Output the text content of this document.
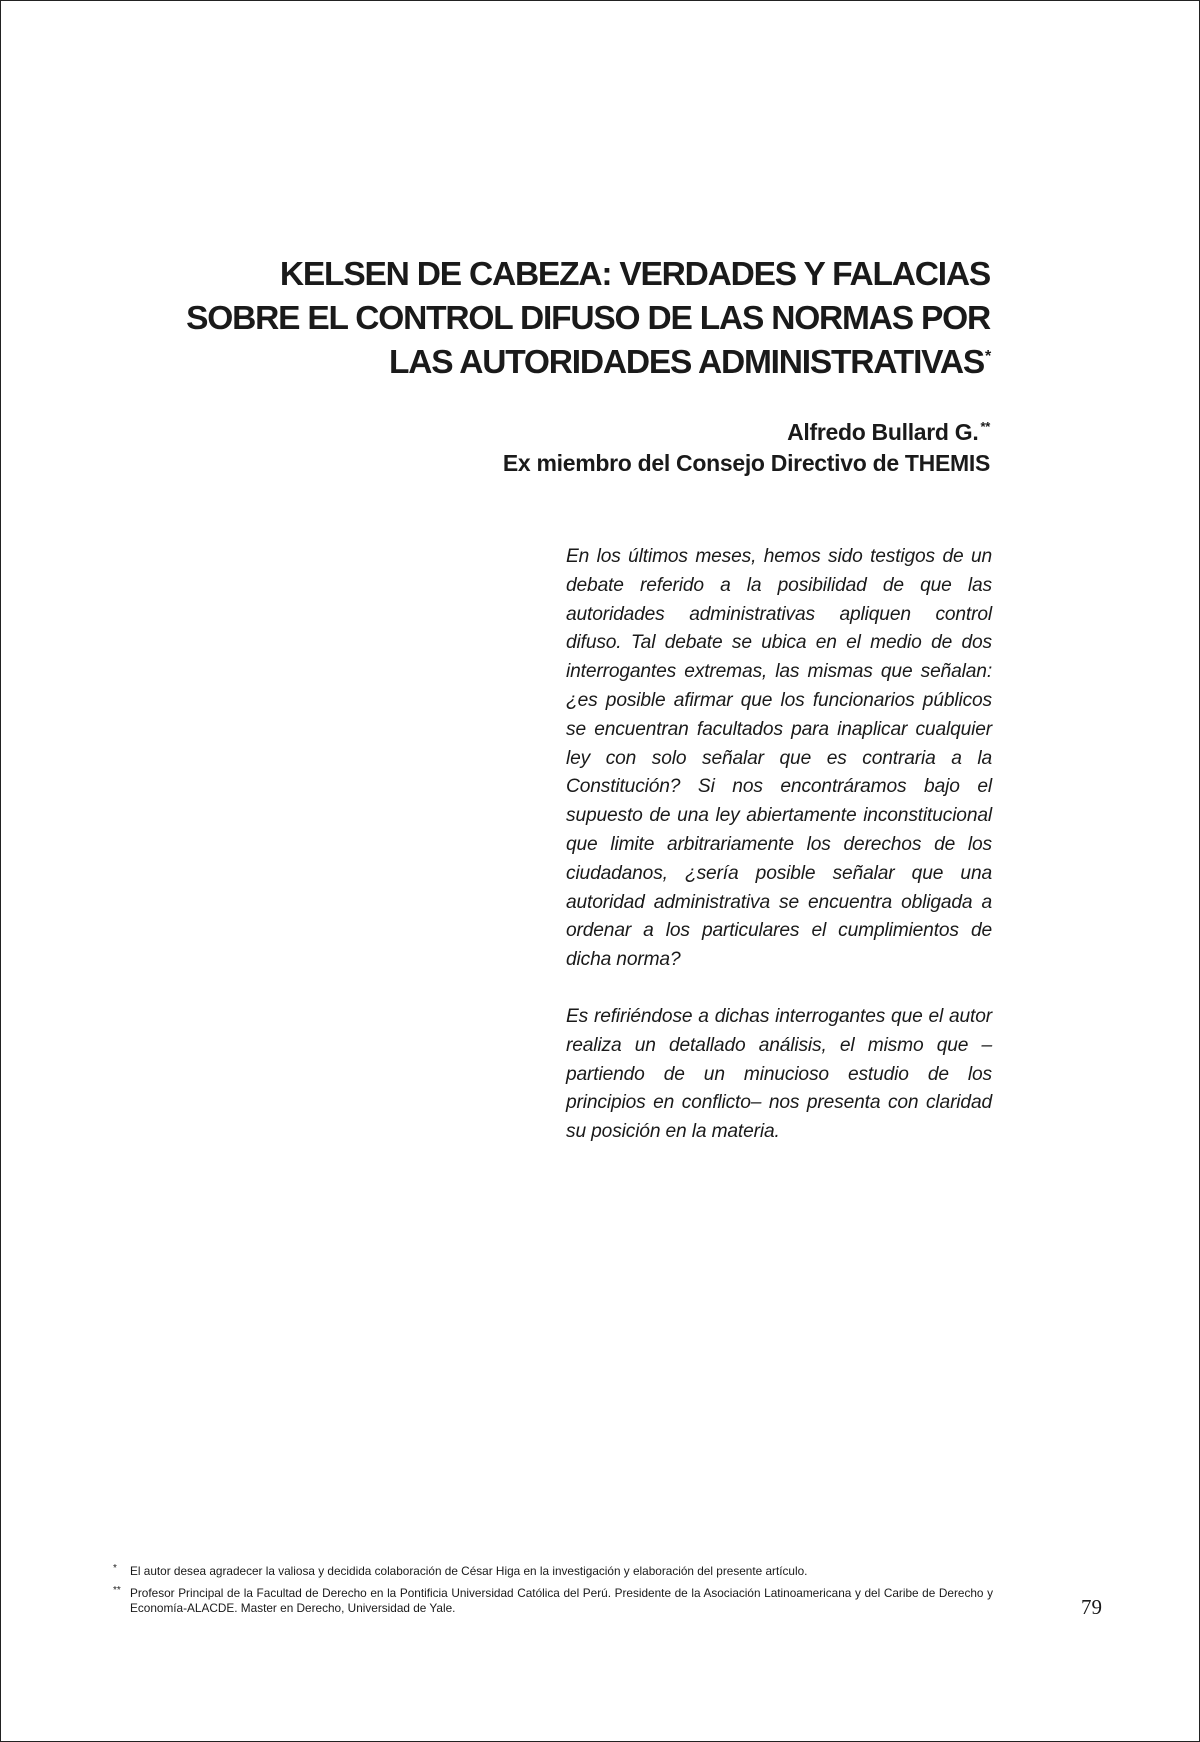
KELSEN DE CABEZA: VERDADES Y FALACIAS
SOBRE EL CONTROL DIFUSO DE LAS NORMAS POR
LAS AUTORIDADES ADMINISTRATIVAS*
Alfredo Bullard G. **
Ex miembro del Consejo Directivo de THEMIS

En los últimos meses, hemos sido testigos de un debate referido a la posibilidad de que las autoridades administrativas apliquen control difuso. Tal debate se ubica en el medio de dos interrogantes extremas, las mismas que señalan: ¿es posible afirmar que los funcionarios públicos se encuentran facultados para inaplicar cualquier ley con solo señalar que es contraria a la Constitución? Si nos encontráramos bajo el supuesto de una ley abiertamente inconstitucional que limite arbitrariamente los derechos de los ciudadanos, ¿sería posible señalar que una autoridad administrativa se encuentra obligada a ordenar a los particulares el cumplimientos de dicha norma?

Es refiriéndose a dichas interrogantes que el autor realiza un detallado análisis, el mismo que –partiendo de un minucioso estudio de los principios en conflicto– nos presenta con claridad su posición en la materia.

* El autor desea agradecer la valiosa y decidida colaboración de César Higa en la investigación y elaboración del presente artículo.
** Profesor Principal de la Facultad de Derecho en la Pontificia Universidad Católica del Perú. Presidente de la Asociación Latinoamericana y del Caribe de Derecho y Economía-ALACDE. Master en Derecho, Universidad de Yale.	79
